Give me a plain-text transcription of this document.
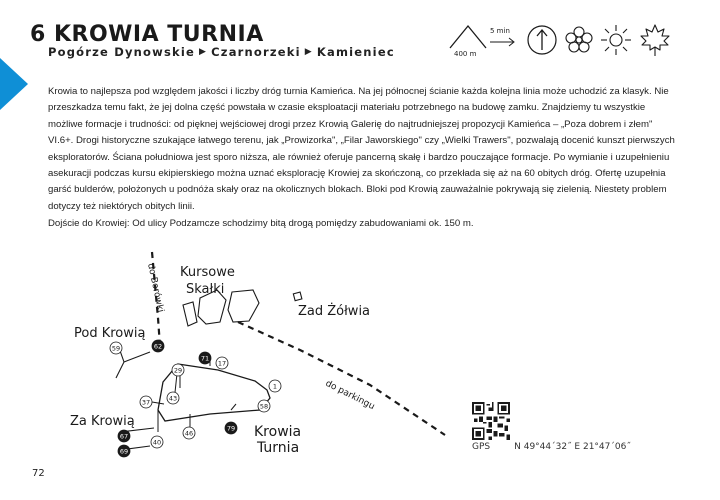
6 KROWIA TURNIA
Pogórze Dynowskie ▶ Czarnorzeki ▶ Kamieniec	400 m
5 min

Krowia to najlepsza pod względem jakości i liczby dróg turnia Kamieńca. Na jej północnej ścianie każda kolejna linia może uchodzić za klasyk. Nie przeszkadza temu fakt, że jej dolna część powstała w czasie eksploatacji materiału potrzebnego na budowę zamku. Znajdziemy tu wszystkie możliwe formacje i trudności: od pięknej wejściowej drogi przez Krowią Galerię do najtrudniejszej propozycji Kamieńca – „Poza dobrem i złem" VI.6+. Drogi historyczne szukające łatwego terenu, jak „Prowizorka", „Filar Jaworskiego" czy „Wielki Trawers", pozwalają docenić kunszt pierwszych eksploratorów. Ściana południowa jest sporo niższa, ale również oferuje pancerną skałę i bardzo pouczające formacje. Po wymianie i uzupełnieniu asekuracji podczas kursu ekipierskiego można uznać eksplorację Krowiej za skończoną, co przekłada się aż na 60 obitych dróg. Ofertę uzupełnia garść bulderów, położonych u podnóża skały oraz na okolicznych blokach. Bloki pod Krowią zauważalnie pokrywają się zielenią. Niestety problem dotyczy też niektórych obitych linii.

Dojście do Krowiej: Od ulicy Podzamcze schodzimy bitą drogą pomiędzy zabudowaniami ok. 150 m.

do Borówki Kursowe
Skałki
Zad Żółwia
Pod Krowią
Za Krowią
Krowia
Turnia
do parkingu
59	62
71
17
29
43
37
1
58
46
79
40
67
69	GPS	N 49°44´32˝ E 21°47´06˝
72
